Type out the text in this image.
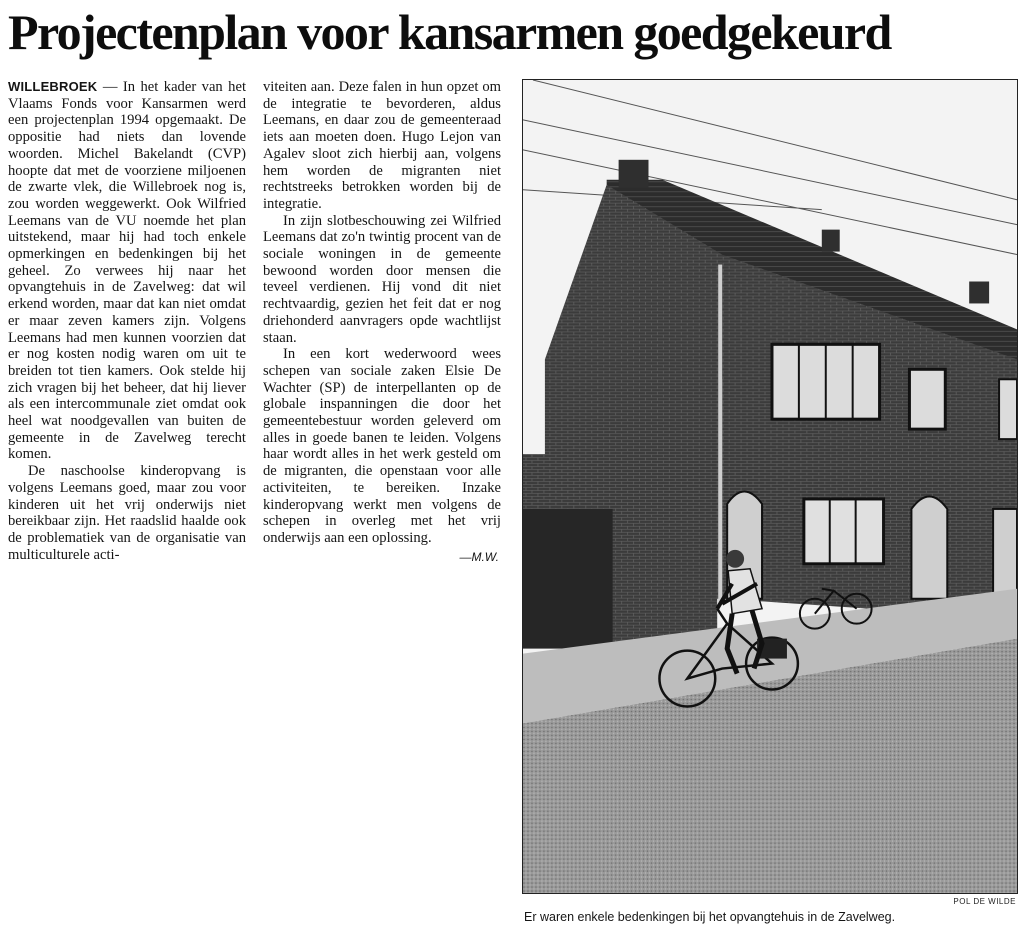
Projectenplan voor kansarmen goedgekeurd

WILLEBROEK — In het kader van het Vlaams Fonds voor Kansarmen werd een projectenplan 1994 opgemaakt. De oppositie had niets dan lovende woorden. Michel Bakelandt (CVP) hoopte dat met de voorziene miljoenen de zwarte vlek, die Willebroek nog is, zou worden weggewerkt. Ook Wilfried Leemans van de VU noemde het plan uitstekend, maar hij had toch enkele opmerkingen en bedenkingen bij het geheel. Zo verwees hij naar het opvangtehuis in de Zavelweg: dat wil erkend worden, maar dat kan niet omdat er maar zeven kamers zijn. Volgens Leemans had men kunnen voorzien dat er nog kosten nodig waren om uit te breiden tot tien kamers. Ook stelde hij zich vragen bij het beheer, dat hij liever als een intercommunale ziet omdat ook heel wat noodgevallen van buiten de gemeente in de Zavelweg terecht komen.

De naschoolse kinderopvang is volgens Leemans goed, maar zou voor kinderen uit het vrij onderwijs niet bereikbaar zijn. Het raadslid haalde ook de problematiek van de organisatie van multiculturele acti-

viteiten aan. Deze falen in hun opzet om de integratie te bevorderen, aldus Leemans, en daar zou de gemeenteraad iets aan moeten doen. Hugo Lejon van Agalev sloot zich hierbij aan, volgens hem worden de migranten niet rechtstreeks betrokken worden bij de integratie.

In zijn slotbeschouwing zei Wilfried Leemans dat zo'n twintig procent van de sociale woningen in de gemeente bewoond worden door mensen die teveel verdienen. Hij vond dit niet rechtvaardig, gezien het feit dat er nog driehonderd aanvragers opde wachtlijst staan.

In een kort wederwoord wees schepen van sociale zaken Elsie De Wachter (SP) de interpellanten op de globale inspanningen die door het gemeentebestuur worden geleverd om alles in goede banen te leiden. Volgens haar wordt alles in het werk gesteld om de migranten, die openstaan voor alle activiteiten, te bereiken. Inzake kinderopvang werkt men volgens de schepen in overleg met het vrij onderwijs aan een oplossing.

—M.W.
POL DE WILDE
Er waren enkele bedenkingen bij het opvangtehuis in de Zavelweg.
